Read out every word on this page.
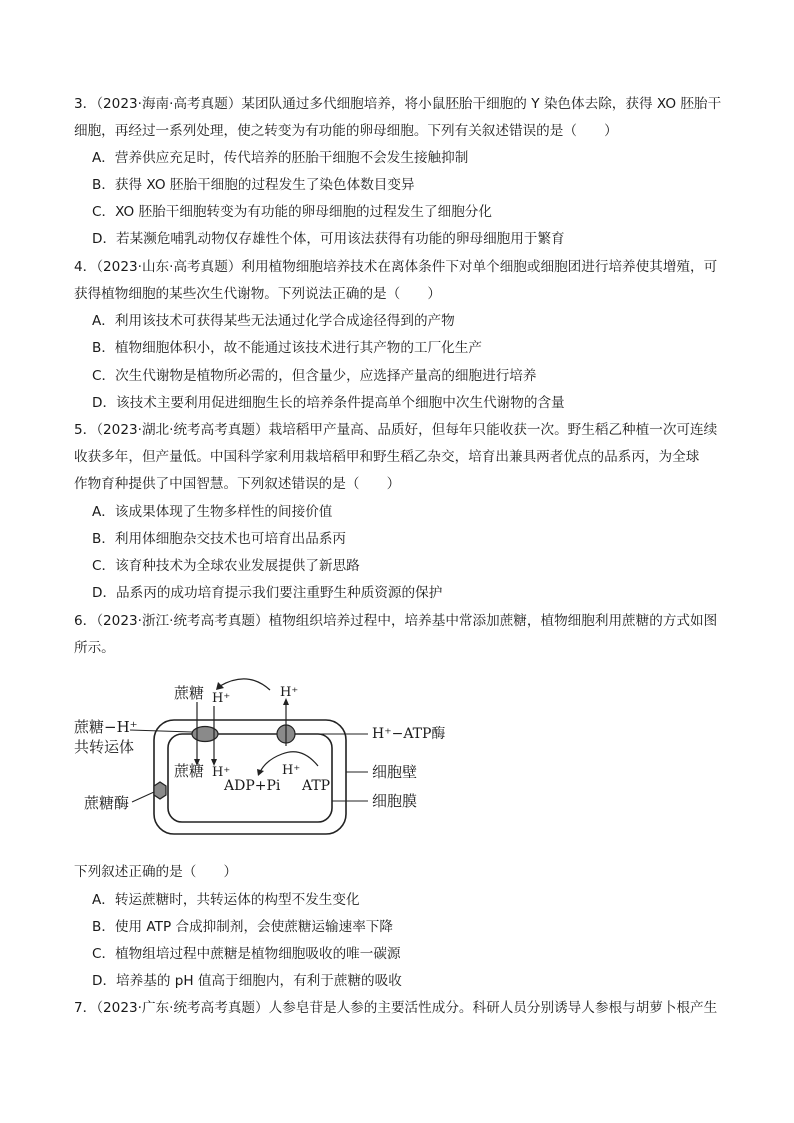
3．（2023·海南·高考真题）某团队通过多代细胞培养，将小鼠胚胎干细胞的 Y 染色体去除，获得 XO 胚胎干
细胞，再经过一系列处理，使之转变为有功能的卵母细胞。下列有关叙述错误的是（　　）
A．营养供应充足时，传代培养的胚胎干细胞不会发生接触抑制
B．获得 XO 胚胎干细胞的过程发生了染色体数目变异
C．XO 胚胎干细胞转变为有功能的卵母细胞的过程发生了细胞分化
D．若某濒危哺乳动物仅存雄性个体，可用该法获得有功能的卵母细胞用于繁育
4．（2023·山东·高考真题）利用植物细胞培养技术在离体条件下对单个细胞或细胞团进行培养使其增殖，可
获得植物细胞的某些次生代谢物。下列说法正确的是（　　）
A．利用该技术可获得某些无法通过化学合成途径得到的产物
B．植物细胞体积小，故不能通过该技术进行其产物的工厂化生产
C．次生代谢物是植物所必需的，但含量少，应选择产量高的细胞进行培养
D．该技术主要利用促进细胞生长的培养条件提高单个细胞中次生代谢物的含量
5．（2023·湖北·统考高考真题）栽培稻甲产量高、品质好，但每年只能收获一次。野生稻乙种植一次可连续
收获多年，但产量低。中国科学家利用栽培稻甲和野生稻乙杂交，培育出兼具两者优点的品系丙，为全球
作物育种提供了中国智慧。下列叙述错误的是（　　）
A．该成果体现了生物多样性的间接价值
B．利用体细胞杂交技术也可培育出品系丙
C．该育种技术为全球农业发展提供了新思路
D．品系丙的成功培育提示我们要注重野生种质资源的保护
6．（2023·浙江·统考高考真题）植物组织培养过程中，培养基中常添加蔗糖，植物细胞利用蔗糖的方式如图
所示。
蔗糖 H⁺	H⁺
蔗糖−H⁺
共转运体
H⁺−ATP酶
蔗糖 H⁺	H⁺
ADP+Pi ATP
细胞壁
细胞膜
蔗糖酶
下列叙述正确的是（　　）
A．转运蔗糖时，共转运体的构型不发生变化
B．使用 ATP 合成抑制剂，会使蔗糖运输速率下降
C．植物组培过程中蔗糖是植物细胞吸收的唯一碳源
D．培养基的 pH 值高于细胞内，有利于蔗糖的吸收
7．（2023·广东·统考高考真题）人参皂苷是人参的主要活性成分。科研人员分别诱导人参根与胡萝卜根产生
